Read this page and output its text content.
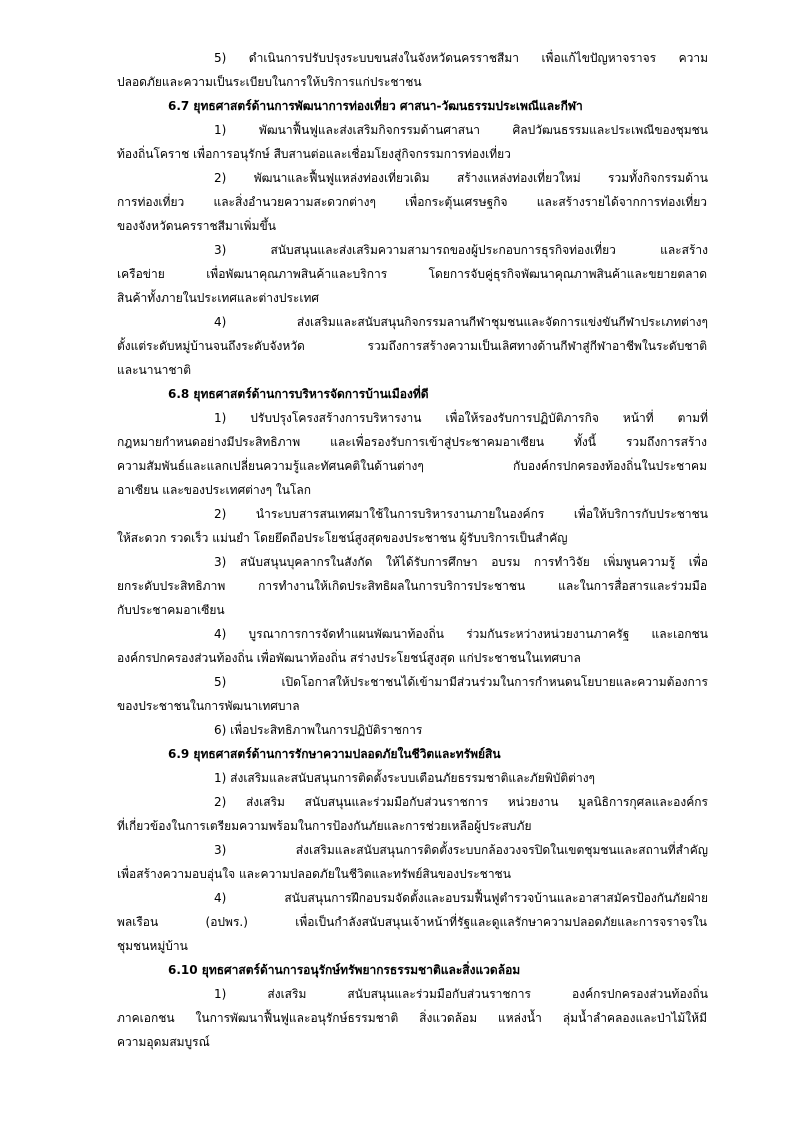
5) ดำเนินการปรับปรุงระบบขนส่งในจังหวัดนครราชสีมา เพื่อแก้ไขปัญหาจราจร ความ
ปลอดภัยและความเป็นระเบียบในการให้บริการแก่ประชาชน
6.7 ยุทธศาสตร์ด้านการพัฒนาการท่องเที่ยว ศาสนา-วัฒนธรรมประเพณีและกีฬา
1) พัฒนาฟื้นฟูและส่งเสริมกิจกรรมด้านศาสนา ศิลปวัฒนธรรมและประเพณีของชุมชน
ท้องถิ่นโคราช เพื่อการอนุรักษ์ สืบสานต่อและเชื่อมโยงสู่กิจกรรมการท่องเที่ยว
2) พัฒนาและฟื้นฟูแหล่งท่องเที่ยวเดิม สร้างแหล่งท่องเที่ยวใหม่ รวมทั้งกิจกรรมด้าน
การท่องเที่ยว และสิ่งอำนวยความสะดวกต่างๆ เพื่อกระตุ้นเศรษฐกิจ และสร้างรายได้จากการท่องเที่ยว
ของจังหวัดนครราชสีมาเพิ่มขึ้น
3) สนับสนุนและส่งเสริมความสามารถของผู้ประกอบการธุรกิจท่องเที่ยว และสร้าง
เครือข่าย เพื่อพัฒนาคุณภาพสินค้าและบริการ โดยการจับคู่ธุรกิจพัฒนาคุณภาพสินค้าและขยายตลาด
สินค้าทั้งภายในประเทศและต่างประเทศ
4) ส่งเสริมและสนับสนุนกิจกรรมลานกีฬาชุมชนและจัดการแข่งขันกีฬาประเภทต่างๆ
ตั้งแต่ระดับหมู่บ้านจนถึงระดับจังหวัด รวมถึงการสร้างความเป็นเลิศทางด้านกีฬาสู่กีฬาอาชีพในระดับชาติ
และนานาชาติ
6.8 ยุทธศาสตร์ด้านการบริหารจัดการบ้านเมืองที่ดี
1) ปรับปรุงโครงสร้างการบริหารงาน เพื่อให้รองรับการปฏิบัติภารกิจ หน้าที่ ตามที่
กฎหมายกำหนดอย่างมีประสิทธิภาพ และเพื่อรองรับการเข้าสู่ประชาคมอาเซียน ทั้งนี้ รวมถึงการสร้าง
ความสัมพันธ์และแลกเปลี่ยนความรู้และทัศนคติในด้านต่างๆ กับองค์กรปกครองท้องถิ่นในประชาคม
อาเซียน และของประเทศต่างๆ ในโลก
2) นำระบบสารสนเทศมาใช้ในการบริหารงานภายในองค์กร เพื่อให้บริการกับประชาชน
ให้สะดวก รวดเร็ว แม่นยำ โดยยึดถือประโยชน์สูงสุดของประชาชน ผู้รับบริการเป็นสำคัญ
3) สนับสนุนบุคลากรในสังกัด ให้ได้รับการศึกษา อบรม การทำวิจัย เพิ่มพูนความรู้ เพื่อ
ยกระดับประสิทธิภาพ การทำงานให้เกิดประสิทธิผลในการบริการประชาชน และในการสื่อสารและร่วมมือ
กับประชาคมอาเซียน
4) บูรณาการการจัดทำแผนพัฒนาท้องถิ่น ร่วมกันระหว่างหน่วยงานภาครัฐ และเอกชน
องค์กรปกครองส่วนท้องถิ่น เพื่อพัฒนาท้องถิ่น สร่างประโยชน์สูงสุด แก่ประชาชนในเทศบาล
5) เปิดโอกาสให้ประชาชนได้เข้ามามีส่วนร่วมในการกำหนดนโยบายและความต้องการ
ของประชาชนในการพัฒนาเทศบาล
6) เพื่อประสิทธิภาพในการปฏิบัติราชการ
6.9 ยุทธศาสตร์ด้านการรักษาความปลอดภัยในชีวิตและทรัพย์สิน
1) ส่งเสริมและสนับสนุนการติดตั้งระบบเตือนภัยธรรมชาติและภัยพิบัติต่างๆ
2) ส่งเสริม สนับสนุนและร่วมมือกับส่วนราชการ หน่วยงาน มูลนิธิการกุศลและองค์กร
ที่เกี่ยวข้องในการเตรียมความพร้อมในการป้องกันภัยและการช่วยเหลือผู้ประสบภัย
3) ส่งเสริมและสนับสนุนการติดตั้งระบบกล้องวงจรปิดในเขตชุมชนและสถานที่สำคัญ
เพื่อสร้างความอบอุ่นใจ และความปลอดภัยในชีวิตและทรัพย์สินของประชาชน
4) สนับสนุนการฝึกอบรมจัดตั้งและอบรมฟื้นฟูตำรวจบ้านและอาสาสมัครป้องกันภัยฝ่าย
พลเรือน (อปพร.) เพื่อเป็นกำลังสนับสนุนเจ้าหน้าที่รัฐและดูแลรักษาความปลอดภัยและการจราจรใน
ชุมชนหมู่บ้าน
6.10 ยุทธศาสตร์ด้านการอนุรักษ์ทรัพยากรธรรมชาติและสิ่งแวดล้อม
1) ส่งเสริม สนับสนุนและร่วมมือกับส่วนราชการ องค์กรปกครองส่วนท้องถิ่น
ภาคเอกชน ในการพัฒนาฟื้นฟูและอนุรักษ์ธรรมชาติ สิ่งแวดล้อม แหล่งน้ำ ลุ่มน้ำลำคลองและป่าไม้ให้มี
ความอุดมสมบูรณ์
